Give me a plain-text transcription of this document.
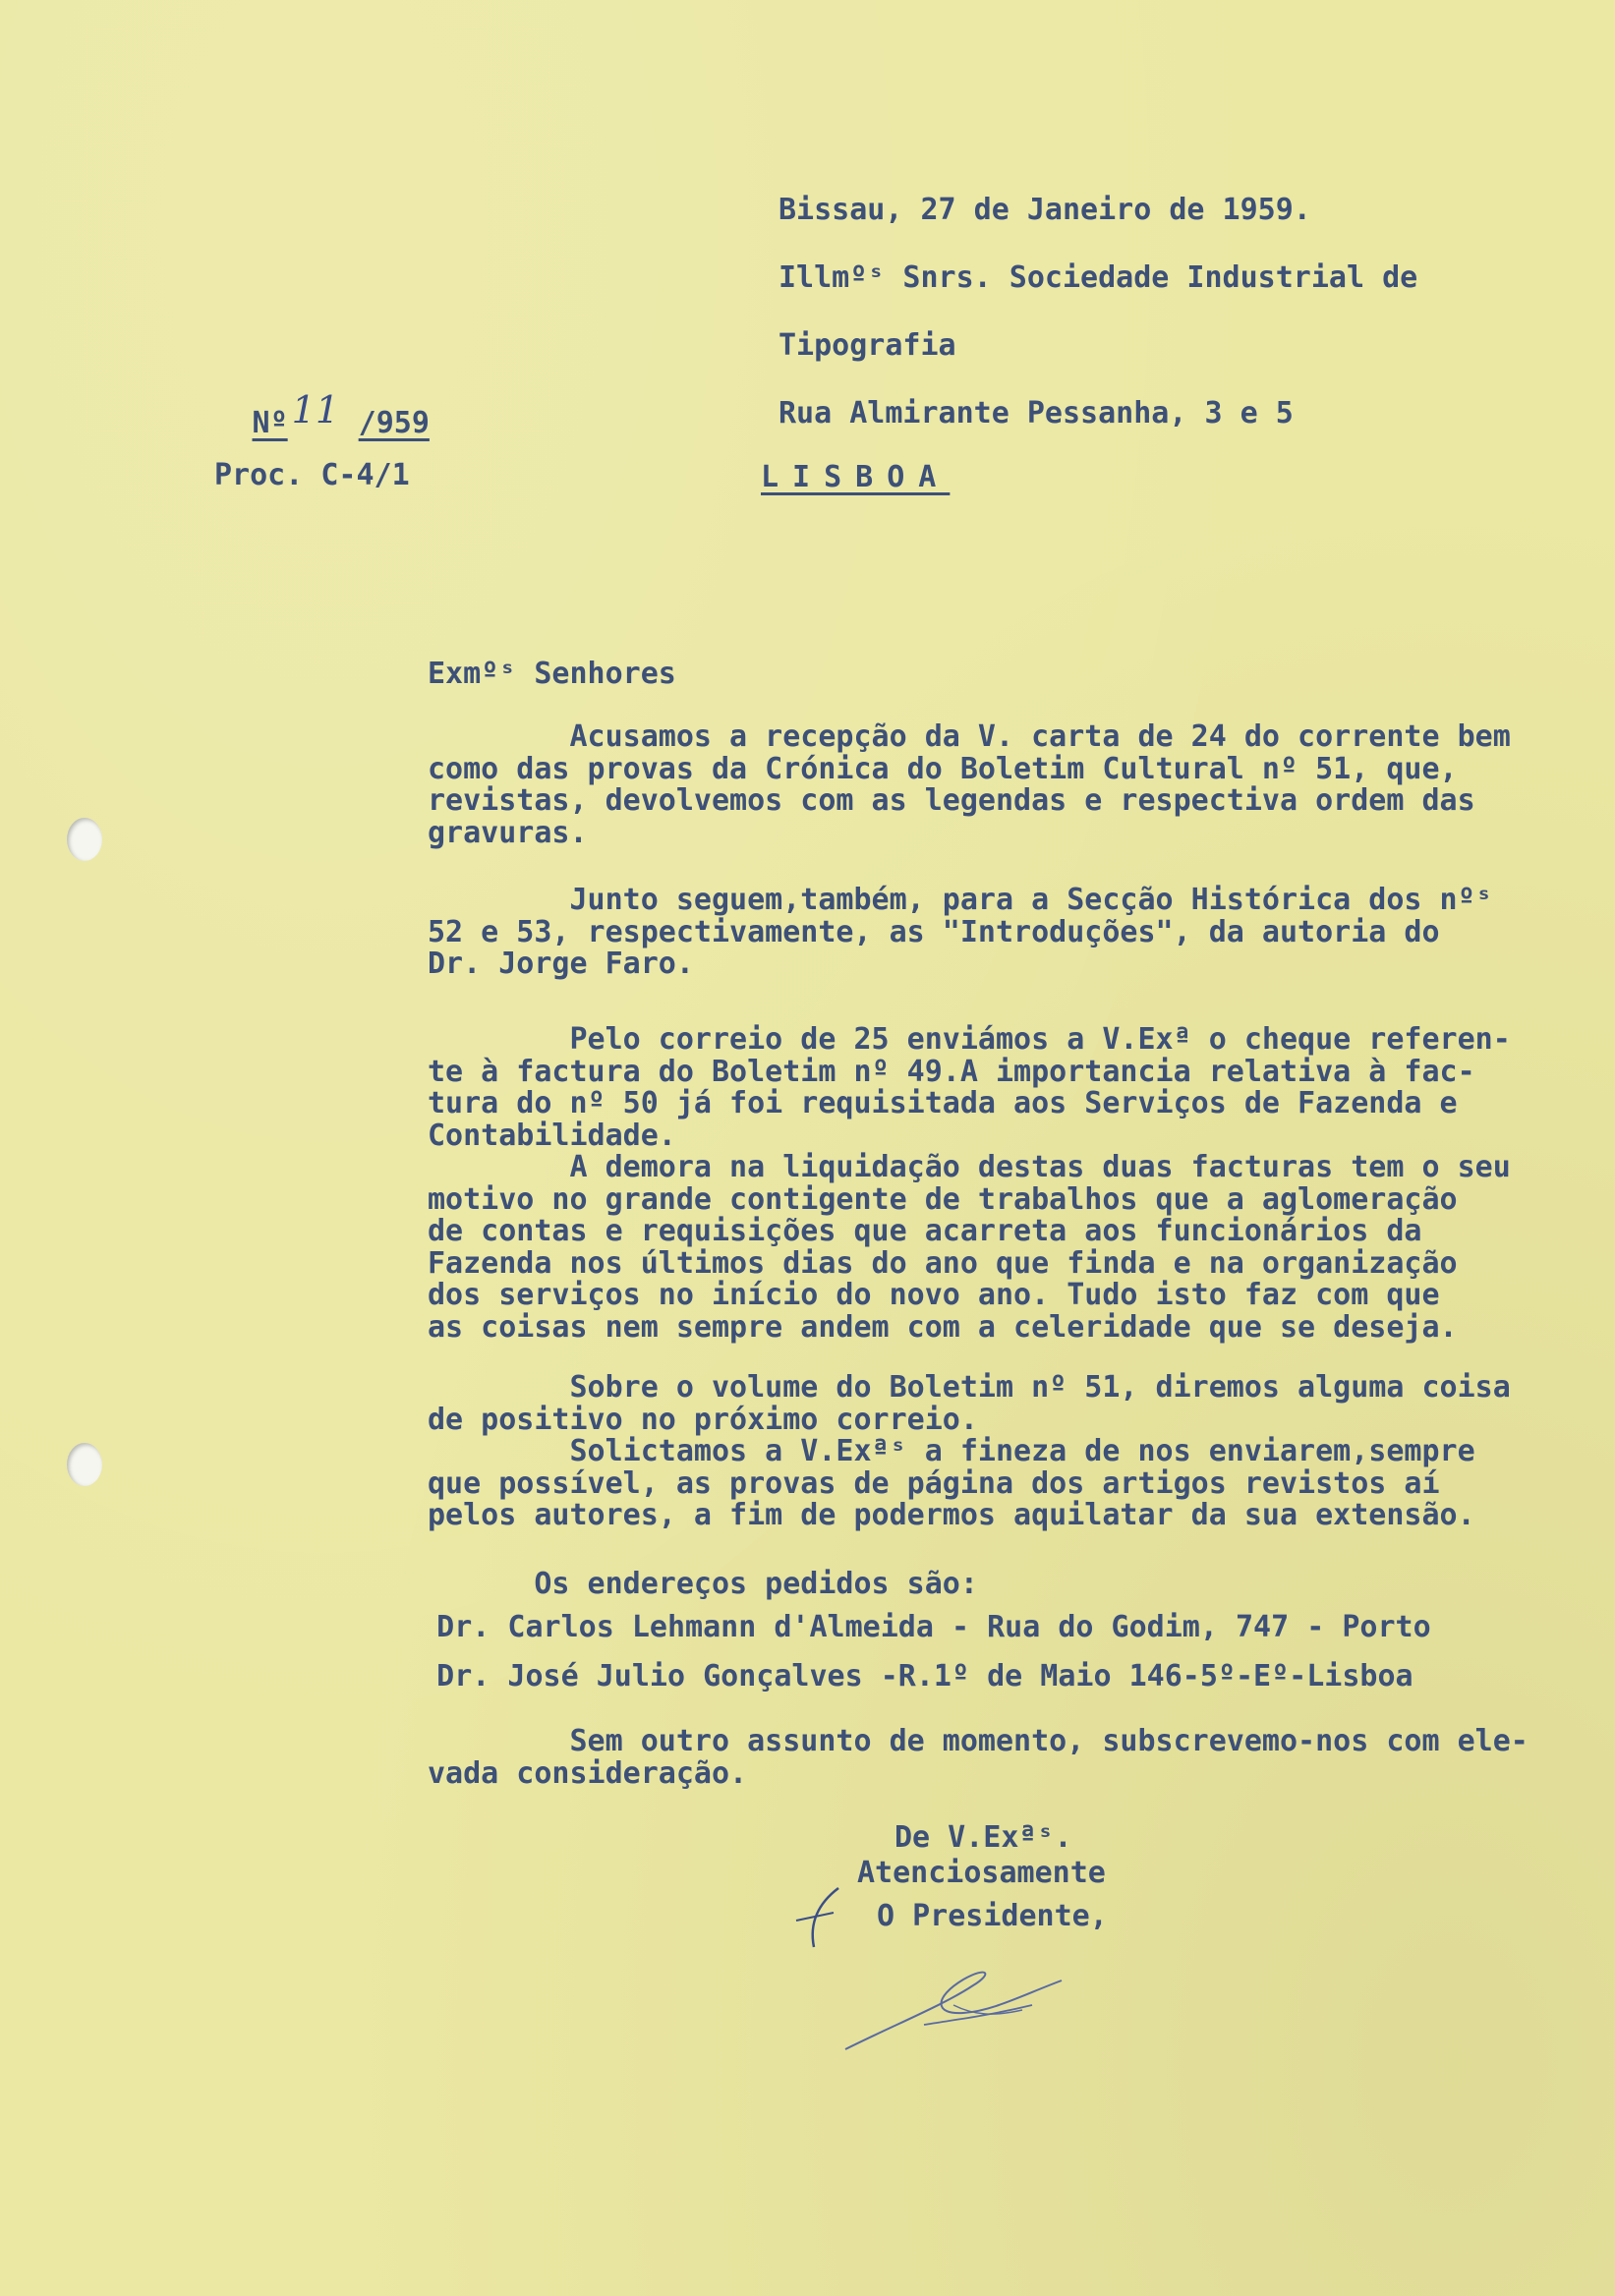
Bissau, 27 de Janeiro de 1959.
Illmºˢ Snrs. Sociedade Industrial de
Tipografia
Rua Almirante Pessanha, 3 e 5
LISBOA

Nº 11 /959

Proc. C-4/1
Exmºˢ Senhores
Acusamos a recepção da V. carta de 24 do corrente bem
como das provas da Crónica do Boletim Cultural nº 51, que,
revistas, devolvemos com as legendas e respectiva ordem das
gravuras.
Junto seguem,também, para a Secção Histórica dos nºˢ
52 e 53, respectivamente, as "Introduções", da autoria do
Dr. Jorge Faro.
Pelo correio de 25 enviámos a V.Exª o cheque referen-
te à factura do Boletim nº 49.A importancia relativa à fac-
tura do nº 50 já foi requisitada aos Serviços de Fazenda e
Contabilidade.
A demora na liquidação destas duas facturas tem o seu
motivo no grande contigente de trabalhos que a aglomeração
de contas e requisições que acarreta aos funcionários da
Fazenda nos últimos dias do ano que finda e na organização
dos serviços no início do novo ano. Tudo isto faz com que
as coisas nem sempre andem com a celeridade que se deseja.
Sobre o volume do Boletim nº 51, diremos alguma coisa
de positivo no próximo correio.
Solictamos a V.Exªˢ a fineza de nos enviarem,sempre
que possível, as provas de página dos artigos revistos aí
pelos autores, a fim de podermos aquilatar da sua extensão.
Os endereços pedidos são:
Dr. Carlos Lehmann d'Almeida - Rua do Godim, 747 - Porto
Dr. José Julio Gonçalves -R.1º de Maio 146-5º-Eº-Lisboa
Sem outro assunto de momento, subscrevemo-nos com ele-
vada consideração.
De V.Exªˢ.
Atenciosamente
O Presidente,
